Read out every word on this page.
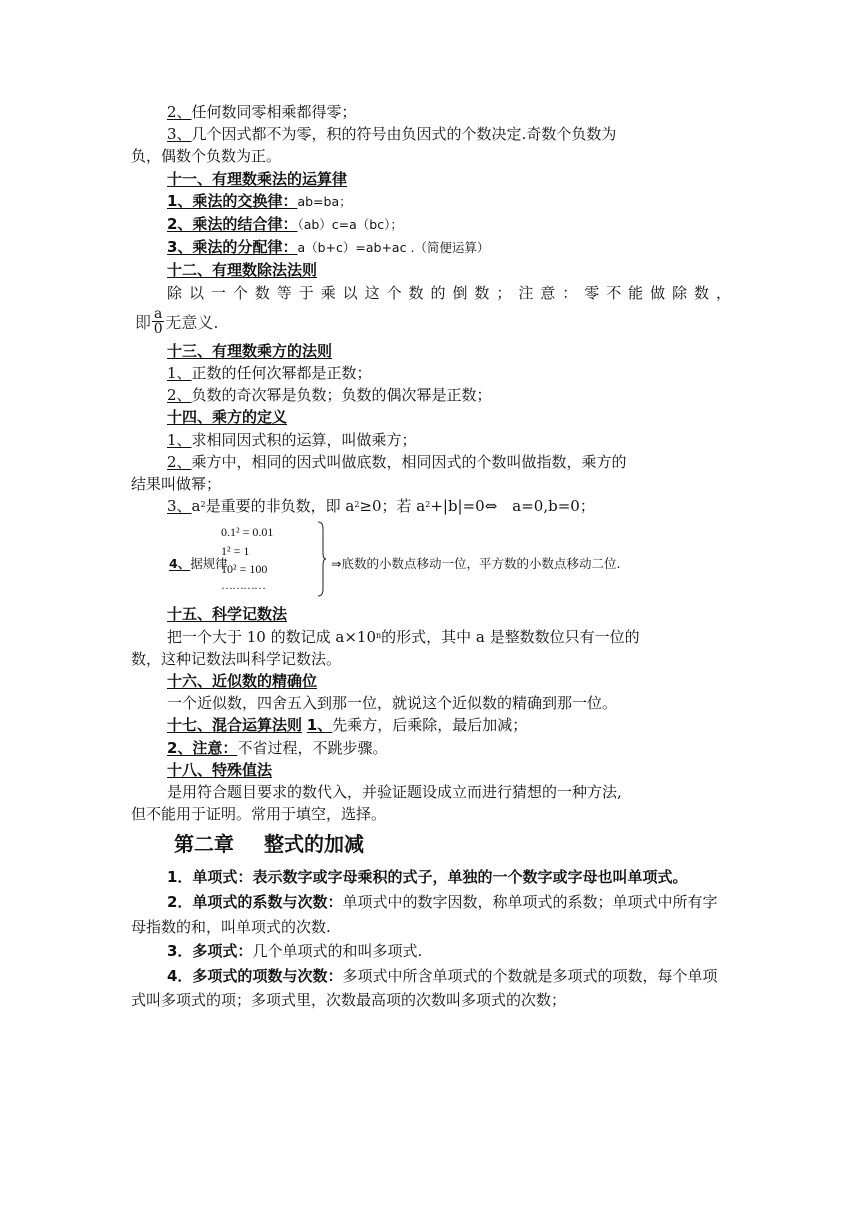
2、任何数同零相乘都得零；
3、几个因式都不为零，积的符号由负因式的个数决定.奇数个负数为
负，偶数个负数为正。
十一、有理数乘法的运算律
1、乘法的交换律：ab=ba；
2、乘法的结合律：（ab）c=a（bc）；
3、乘法的分配律：a（b+c）=ab+ac .（简便运算）
十二、有理数除法法则
除以一个数等于乘以这个数的倒数；注意：零不能做除数，
即 $\frac{a}{0}$ 无意义.
十三、有理数乘方的法则
1、正数的任何次幂都是正数；
2、负数的奇次幂是负数；负数的偶次幂是正数；
十四、乘方的定义
1、求相同因式积的运算，叫做乘方；
2、乘方中，相同的因式叫做底数，相同因式的个数叫做指数，乘方的
结果叫做幂；
3、$a^2$是重要的非负数，即 $a^2\ge 0$；若 $a^2+|b|=0\Leftrightarrow$　a=0,b=0；
4、据规律
0.1² = 0.01
1² = 1
10² = 100
…………
⇒底数的小数点移动一位，平方数的小数点移动二位.
十五、科学记数法
把一个大于 10 的数记成 $a\times 10^n$的形式，其中 a 是整数数位只有一位的
数，这种记数法叫科学记数法。
十六、近似数的精确位
一个近似数，四舍五入到那一位，就说这个近似数的精确到那一位。
十七、混合运算法则 1、先乘方，后乘除，最后加减；
2、注意：不省过程，不跳步骤。
十八、特殊值法
是用符合题目要求的数代入，并验证题设成立而进行猜想的一种方法,
但不能用于证明。常用于填空，选择。
第二章 整式的加减
1．单项式：表示数字或字母乘积的式子，单独的一个数字或字母也叫单项式。
2．单项式的系数与次数：单项式中的数字因数，称单项式的系数；单项式中所有字母指数的和，叫单项式的次数.
3．多项式：几个单项式的和叫多项式.
4．多项式的项数与次数：多项式中所含单项式的个数就是多项式的项数，每个单项式叫多项式的项；多项式里，次数最高项的次数叫多项式的次数；
